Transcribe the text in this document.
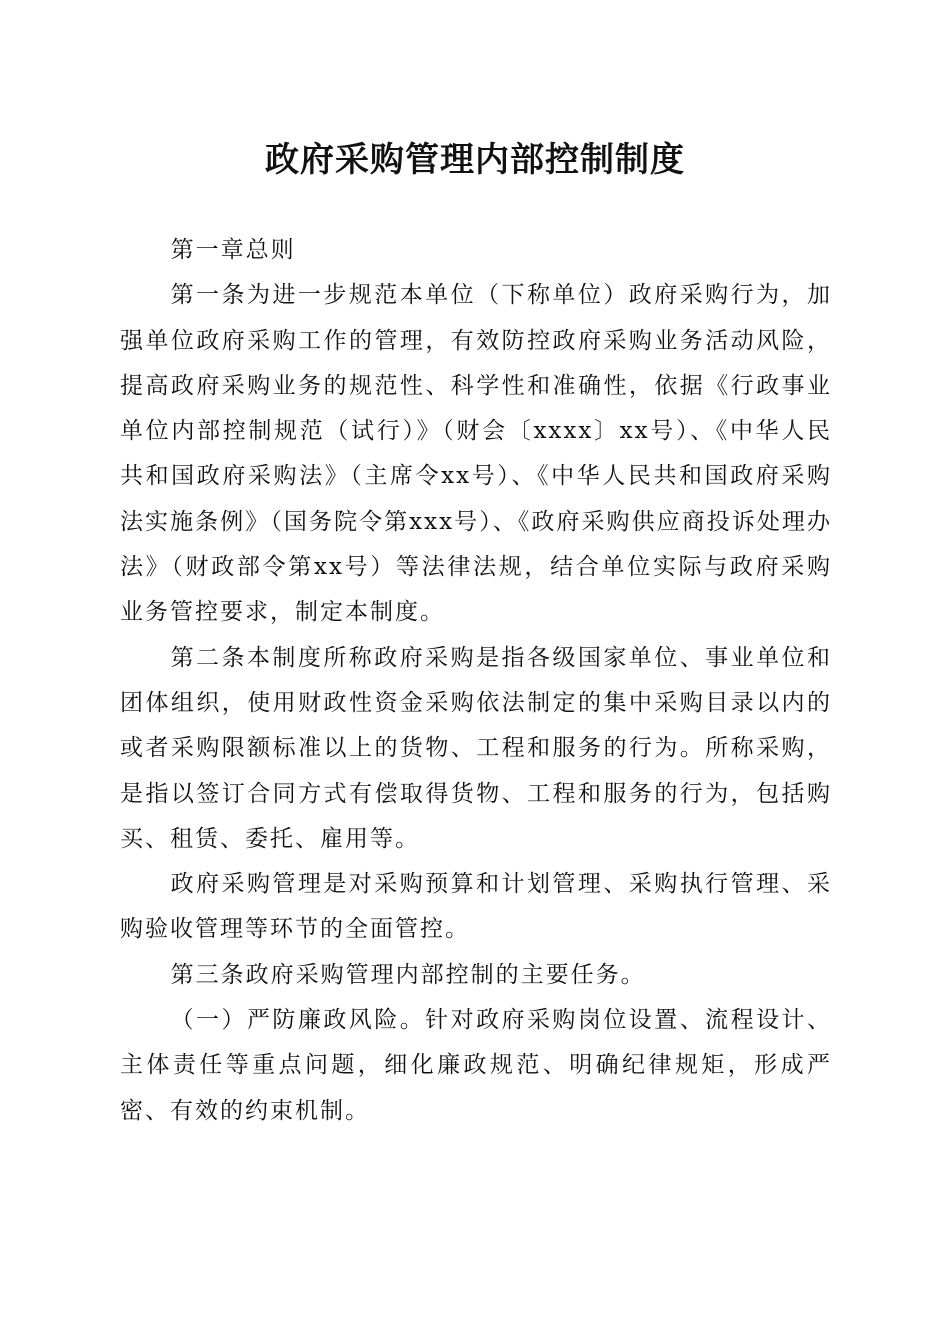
政府采购管理内部控制制度

第一章总则

第一条为进一步规范本单位（下称单位）政府采购行为，加强单位政府采购工作的管理，有效防控政府采购业务活动风险，提高政府采购业务的规范性、科学性和准确性，依据《行政事业单位内部控制规范（试行）》（财会〔xxxx〕xx号）、《中华人民共和国政府采购法》（主席令xx号）、《中华人民共和国政府采购法实施条例》（国务院令第xxx号）、《政府采购供应商投诉处理办法》（财政部令第xx号）等法律法规，结合单位实际与政府采购业务管控要求，制定本制度。

第二条本制度所称政府采购是指各级国家单位、事业单位和团体组织，使用财政性资金采购依法制定的集中采购目录以内的或者采购限额标准以上的货物、工程和服务的行为。所称采购，是指以签订合同方式有偿取得货物、工程和服务的行为，包括购买、租赁、委托、雇用等。

政府采购管理是对采购预算和计划管理、采购执行管理、采购验收管理等环节的全面管控。

第三条政府采购管理内部控制的主要任务。

（一）严防廉政风险。针对政府采购岗位设置、流程设计、主体责任等重点问题，细化廉政规范、明确纪律规矩，形成严密、有效的约束机制。
